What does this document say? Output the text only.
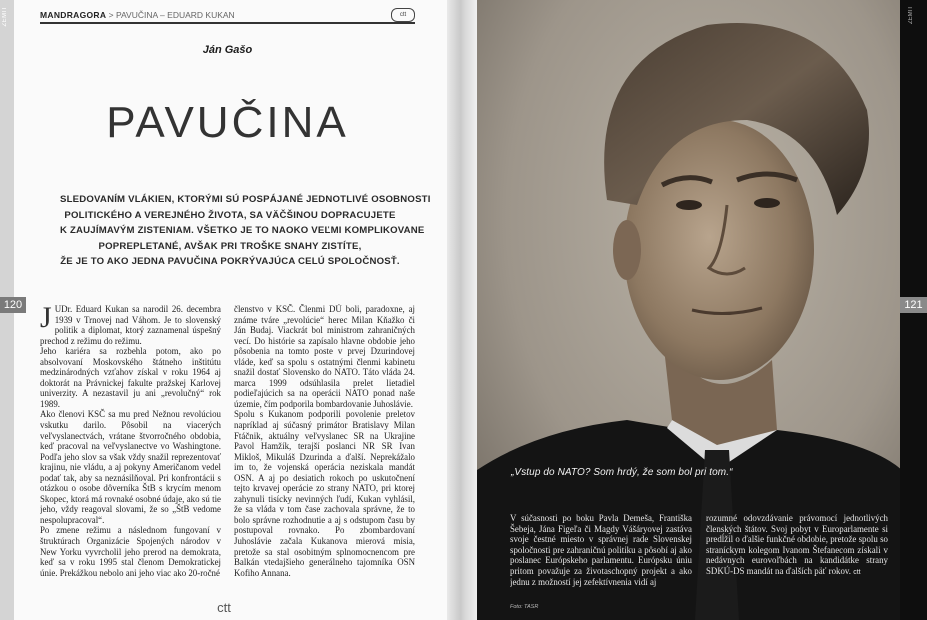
ZEMIT
120
MANDRAGORA > PAVUČINA – EDUARD KUKAN	ctt
Ján Gašo
PAVUČINA
SLEDOVANÍM VLÁKIEN, KTORÝMI SÚ POSPÁJANÉ JEDNOTLIVÉ OSOBNOSTI
POLITICKÉHO A VEREJNÉHO ŽIVOTA, SA VÄČŠINOU DOPRACUJETE
K ZAUJÍMAVÝM ZISTENIAM. VŠETKO JE TO NAOKO VEĽMI KOMPLIKOVANE
POPREPLETANÉ, AVŠAK PRI TROŠKE SNAHY ZISTÍTE,
ŽE JE TO AKO JEDNA PAVUČINA POKRÝVAJÚCA CELÚ SPOLOČNOSŤ.

J UDr. Eduard Kukan sa narodil 26. decembra 1939 v Trnovej nad Váhom. Je to slovenský politik a diplomat, ktorý zaznamenal úspešný prechod z režimu do režimu.

Jeho kariéra sa rozbehla potom, ako po absolvovaní Moskovského štátneho inštitútu medzinárodných vzťahov získal v roku 1964 aj doktorát na Právnickej fakulte pražskej Karlovej univerzity. A nezastavil ju ani „revolučný“ rok 1989.

Ako členovi KSČ sa mu pred Nežnou revolúciou vskutku darilo. Pôsobil na viacerých veľvyslanectvách, vrátane štvorročného obdobia, keď pracoval na veľvyslanectve vo Washingtone. Podľa jeho slov sa však vždy snažil reprezentovať krajinu, nie vládu, a aj pokyny Američanom vedel podať tak, aby sa neznásilňoval. Pri konfrontácii s otázkou o osobe dôverníka ŠtB s krycím menom Skopec, ktorá má rovnaké osobné údaje, ako sú tie jeho, vždy reagoval slovami, že so „ŠtB vedome nespolupracoval“.

Po zmene režimu a následnom fungovaní v štruktúrach Organizácie Spojených národov v New Yorku vyvrcholil jeho prerod na demokrata, keď sa v roku 1995 stal členom Demokratickej únie. Prekážkou nebolo ani jeho viac ako 20-ročné

členstvo v KSČ. Členmi DÚ boli, paradoxne, aj známe tváre „revolúcie“ herec Milan Kňažko či Ján Budaj. Viackrát bol ministrom zahraničných vecí. Do histórie sa zapísalo hlavne obdobie jeho pôsobenia na tomto poste v prvej Dzurindovej vláde, keď sa spolu s ostatnými členmi kabinetu snažil dostať Slovensko do NATO. Táto vláda 24. marca 1999 odsúhlasila prelet lietadiel podieľajúcich sa na operácii NATO ponad naše územie, čím podporila bombardovanie Juhoslávie.

Spolu s Kukanom podporili povolenie preletov napríklad aj súčasný primátor Bratislavy Milan Ftáčnik, aktuálny veľvyslanec SR na Ukrajine Pavol Hamžík, terajší poslanci NR SR Ivan Mikloš, Mikuláš Dzurinda a ďalší. Neprekážalo im to, že vojenská operácia neziskala mandát OSN. A aj po desiatich rokoch po uskutočnení tejto krvavej operácie zo strany NATO, pri ktorej zahynuli tisícky nevinných ľudí, Kukan vyhlásil, že sa vláda v tom čase zachovala správne, že to bolo správne rozhodnutie a aj s odstupom času by postupoval rovnako. Po zbombardovaní Juhoslávie začala Kukanova mierová misia, pretože sa stal osobitným splnomocnencom pre Balkán vtedajšieho generálneho tajomníka OSN Kofiho Annana.

ctt
ZEMIT
121
„Vstup do NATO? Som hrdý, že som bol pri tom.“

V súčasnosti po boku Pavla Demeša, Františka Šebeja, Jána Figeľa či Magdy Vášáryovej zastáva svoje čestné miesto v správnej rade Slovenskej spoločnosti pre zahraničnú politiku a pôsobí aj ako poslanec Európskeho parlamentu. Európsku úniu pritom považuje za životaschopný projekt a ako jednu z možností jej zefektívnenia vidí aj

rozumné odovzdávanie právomocí jednotlivých členských štátov. Svoj pobyt v Europarlamente si predĺžil o ďalšie funkčné obdobie, pretože spolu so straníckym kolegom Ivanom Štefanecom získali v nedávnych eurovoľbách na kandidátke strany SDKÚ-DS mandát na ďalších päť rokov. ctt

Foto: TASR
